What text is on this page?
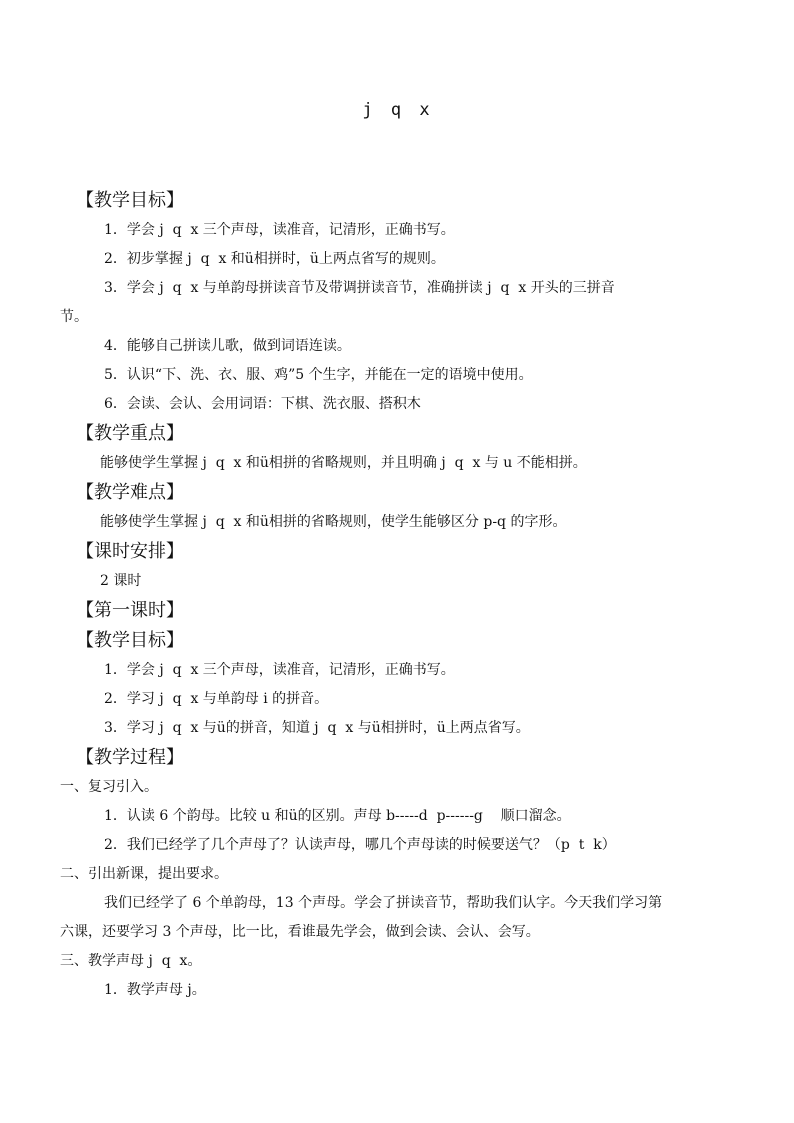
j q x
【教学目标】
1．学会 j  q  x 三个声母，读准音，记清形，正确书写。
2．初步掌握 j  q  x 和ü相拼时，ü上两点省写的规则。
3．学会 j  q  x 与单韵母拼读音节及带调拼读音节，准确拼读 j  q  x 开头的三拼音
节。
4．能够自己拼读儿歌，做到词语连读。
5．认识“下、洗、衣、服、鸡”5 个生字，并能在一定的语境中使用。
6．会读、会认、会用词语：下棋、洗衣服、搭积木
【教学重点】
能够使学生掌握 j  q  x 和ü相拼的省略规则，并且明确 j  q  x 与 u 不能相拼。
【教学难点】
能够使学生掌握 j  q  x 和ü相拼的省略规则，使学生能够区分 p-q 的字形。
【课时安排】
2 课时
【第一课时】
【教学目标】
1．学会 j  q  x 三个声母，读准音，记清形，正确书写。
2．学习 j  q  x 与单韵母 i 的拼音。
3．学习 j  q  x 与ü的拼音，知道 j  q  x 与ü相拼时，ü上两点省写。
【教学过程】
一、复习引入。
1．认读 6 个韵母。比较 u 和ü的区别。声母 b-----d  p------g    顺口溜念。
2．我们已经学了几个声母了？认读声母，哪几个声母读的时候要送气？（p  t  k）
二、引出新课，提出要求。
我们已经学了 6 个单韵母，13 个声母。学会了拼读音节，帮助我们认字。今天我们学习第
六课，还要学习 3 个声母，比一比，看谁最先学会，做到会读、会认、会写。
三、教学声母 j  q  x。
1．教学声母 j。
